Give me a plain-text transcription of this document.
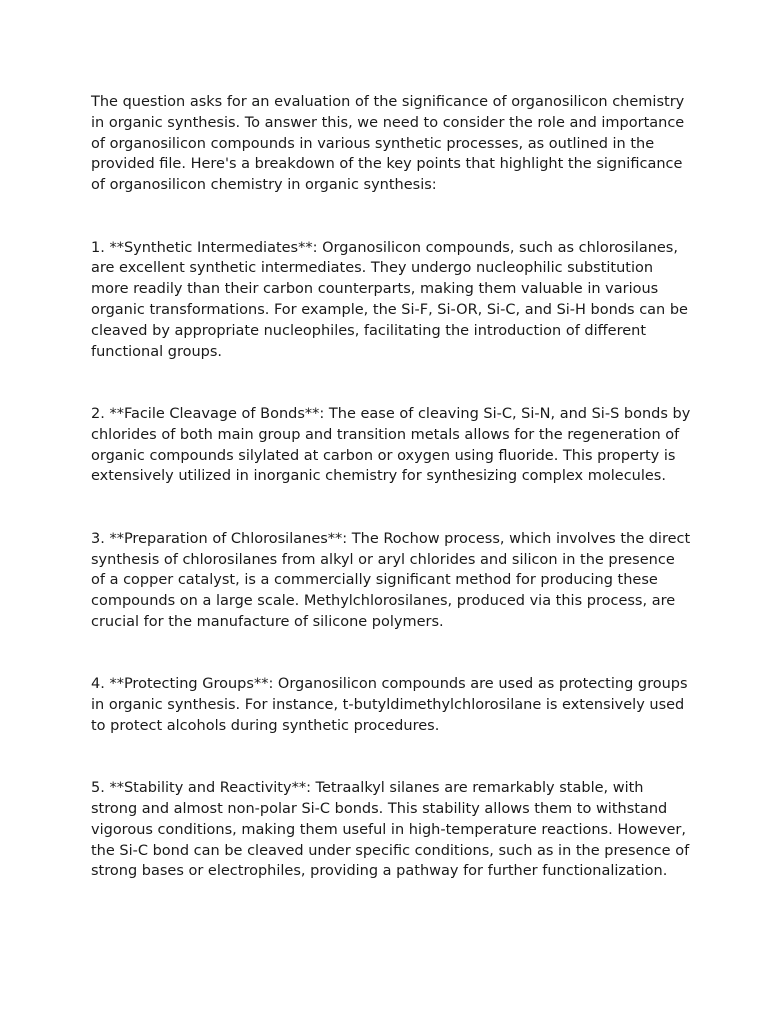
The question asks for an evaluation of the significance of organosilicon chemistry in organic synthesis. To answer this, we need to consider the role and importance of organosilicon compounds in various synthetic processes, as outlined in the provided file. Here's a breakdown of the key points that highlight the significance of organosilicon chemistry in organic synthesis:

1. **Synthetic Intermediates**: Organosilicon compounds, such as chlorosilanes, are excellent synthetic intermediates. They undergo nucleophilic substitution more readily than their carbon counterparts, making them valuable in various organic transformations. For example, the Si-F, Si-OR, Si-C, and Si-H bonds can be cleaved by appropriate nucleophiles, facilitating the introduction of different functional groups.

2. **Facile Cleavage of Bonds**: The ease of cleaving Si-C, Si-N, and Si-S bonds by chlorides of both main group and transition metals allows for the regeneration of organic compounds silylated at carbon or oxygen using fluoride. This property is extensively utilized in inorganic chemistry for synthesizing complex molecules.

3. **Preparation of Chlorosilanes**: The Rochow process, which involves the direct synthesis of chlorosilanes from alkyl or aryl chlorides and silicon in the presence of a copper catalyst, is a commercially significant method for producing these compounds on a large scale. Methylchlorosilanes, produced via this process, are crucial for the manufacture of silicone polymers.

4. **Protecting Groups**: Organosilicon compounds are used as protecting groups in organic synthesis. For instance, t-butyldimethylchlorosilane is extensively used to protect alcohols during synthetic procedures.

5. **Stability and Reactivity**: Tetraalkyl silanes are remarkably stable, with strong and almost non-polar Si-C bonds. This stability allows them to withstand vigorous conditions, making them useful in high-temperature reactions. However, the Si-C bond can be cleaved under specific conditions, such as in the presence of strong bases or electrophiles, providing a pathway for further functionalization.
